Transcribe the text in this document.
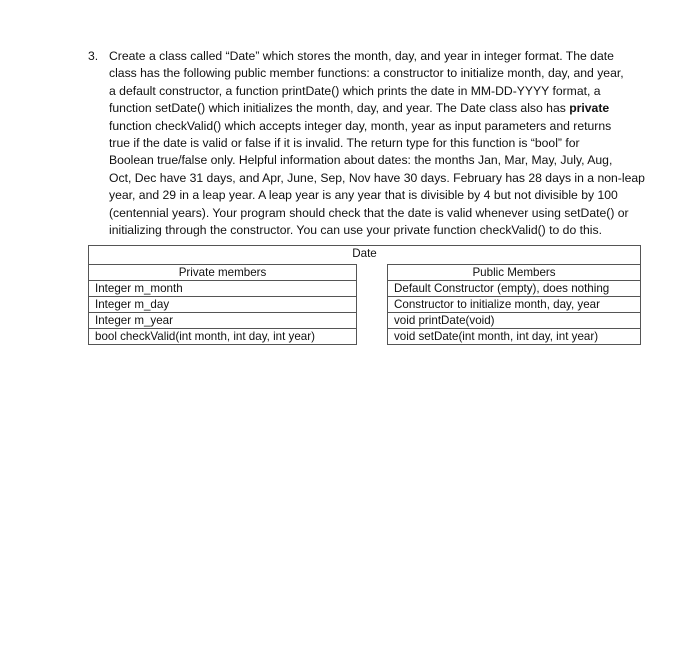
3. Create a class called “Date” which stores the month, day, and year in integer format. The date
class has the following public member functions: a constructor to initialize month, day, and year,
a default constructor, a function printDate() which prints the date in MM-DD-YYYY format, a
function setDate() which initializes the month, day, and year. The Date class also has private
function checkValid() which accepts integer day, month, year as input parameters and returns
true if the date is valid or false if it is invalid. The return type for this function is “bool” for
Boolean true/false only. Helpful information about dates: the months Jan, Mar, May, July, Aug,
Oct, Dec have 31 days, and Apr, June, Sep, Nov have 30 days. February has 28 days in a non-leap
year, and 29 in a leap year. A leap year is any year that is divisible by 4 but not divisible by 100
(centennial years). Your program should check that the date is valid whenever using setDate() or
initializing through the constructor. You can use your private function checkValid() to do this.
Date		

Private members		Public Members
Integer m_month		Default Constructor (empty), does nothing
Integer m_day		Constructor to initialize month, day, year
Integer m_year		void printDate(void)
bool checkValid(int month, int day, int year)		void setDate(int month, int day, int year)
